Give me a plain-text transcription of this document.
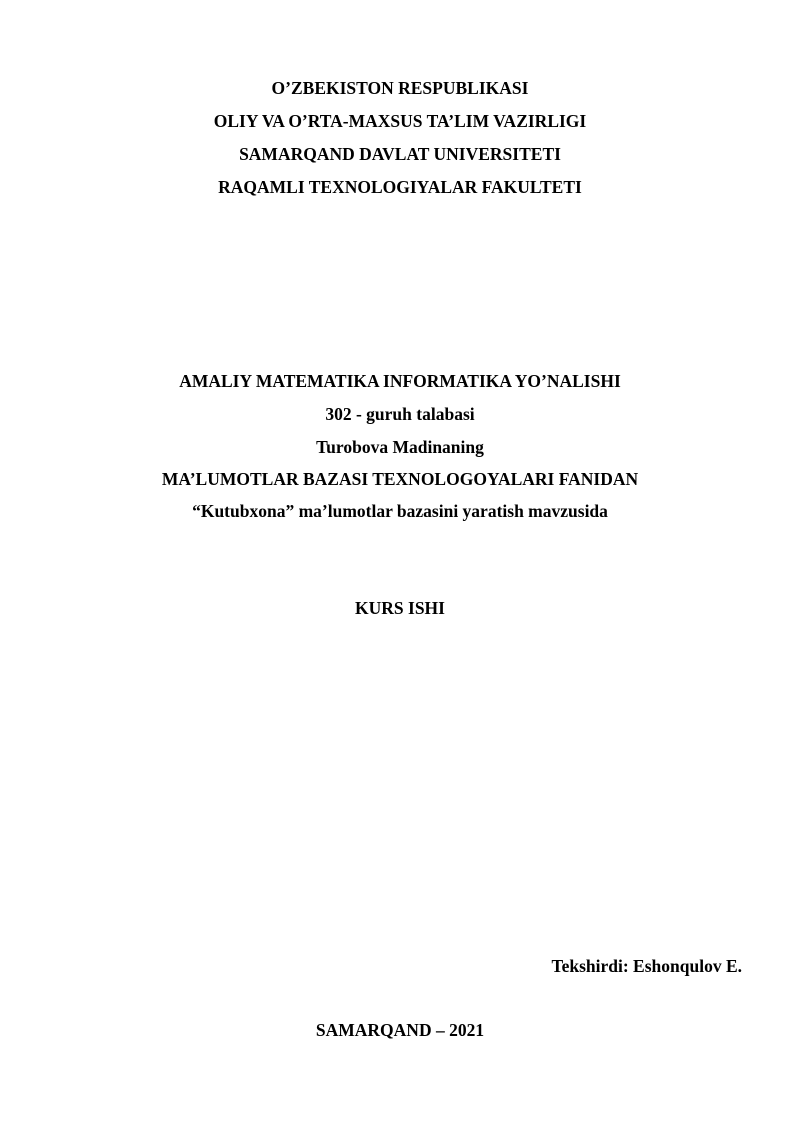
O’ZBEKISTON RESPUBLIKASI
OLIY VA O’RTA-MAXSUS TA’LIM VAZIRLIGI
SAMARQAND DAVLAT UNIVERSITETI
RAQAMLI TEXNOLOGIYALAR FAKULTETI
AMALIY MATEMATIKA INFORMATIKA YO’NALISHI
302 - guruh talabasi
Turobova Madinaning
MA’LUMOTLAR BAZASI TEXNOLOGOYALARI FANIDAN
“Kutubxona” ma’lumotlar bazasini yaratish mavzusida
KURS ISHI
Tekshirdi: Eshonqulov E.
SAMARQAND – 2021
